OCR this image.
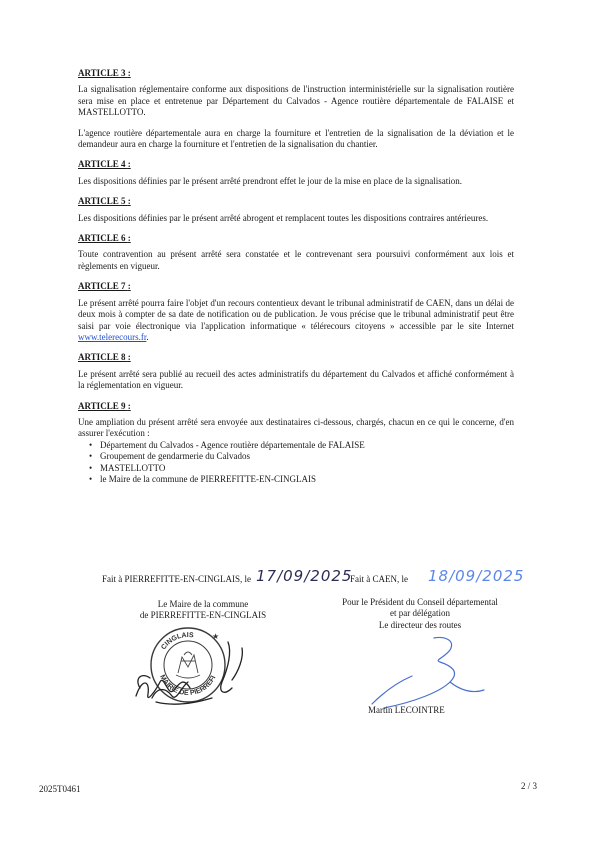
ARTICLE 3 :

La signalisation réglementaire conforme aux dispositions de l'instruction interministérielle sur la signalisation routière sera mise en place et entretenue par Département du Calvados - Agence routière départementale de FALAISE et MASTELLOTTO.

L'agence routière départementale aura en charge la fourniture et l'entretien de la signalisation de la déviation et le demandeur aura en charge la fourniture et l'entretien de la signalisation du chantier.

ARTICLE 4 :

Les dispositions définies par le présent arrêté prendront effet le jour de la mise en place de la signalisation.

ARTICLE 5 :

Les dispositions définies par le présent arrêté abrogent et remplacent toutes les dispositions contraires antérieures.

ARTICLE 6 :

Toute contravention au présent arrêté sera constatée et le contrevenant sera poursuivi conformément aux lois et règlements en vigueur.

ARTICLE 7 :

Le présent arrêté pourra faire l'objet d'un recours contentieux devant le tribunal administratif de CAEN, dans un délai de deux mois à compter de sa date de notification ou de publication. Je vous précise que le tribunal administratif peut être saisi par voie électronique via l'application informatique « télérecours citoyens » accessible par le site Internet www.telerecours.fr.

ARTICLE 8 :

Le présent arrêté sera publié au recueil des actes administratifs du département du Calvados et affiché conformément à la réglementation en vigueur.

ARTICLE 9 :

Une ampliation du présent arrêté sera envoyée aux destinataires ci-dessous, chargés, chacun en ce qui le concerne, d'en assurer l'exécution :

• Département du Calvados - Agence routière départementale de FALAISE
• Groupement de gendarmerie du Calvados
• MASTELLOTTO
• le Maire de la commune de PIERREFITTE-EN-CINGLAIS
Fait à PIERREFITTE-EN-CINGLAIS, le 17/09/2025
Fait à CAEN, le 18/09/2025
Le Maire de la commune
de PIERREFITTE-EN-CINGLAIS
Pour le Président du Conseil départemental
et par délégation
Le directeur des routes
CINGLAIS
MAIRIE DE PIERREFI
★
Martin LECOINTRE
2025T0461	2 / 3
